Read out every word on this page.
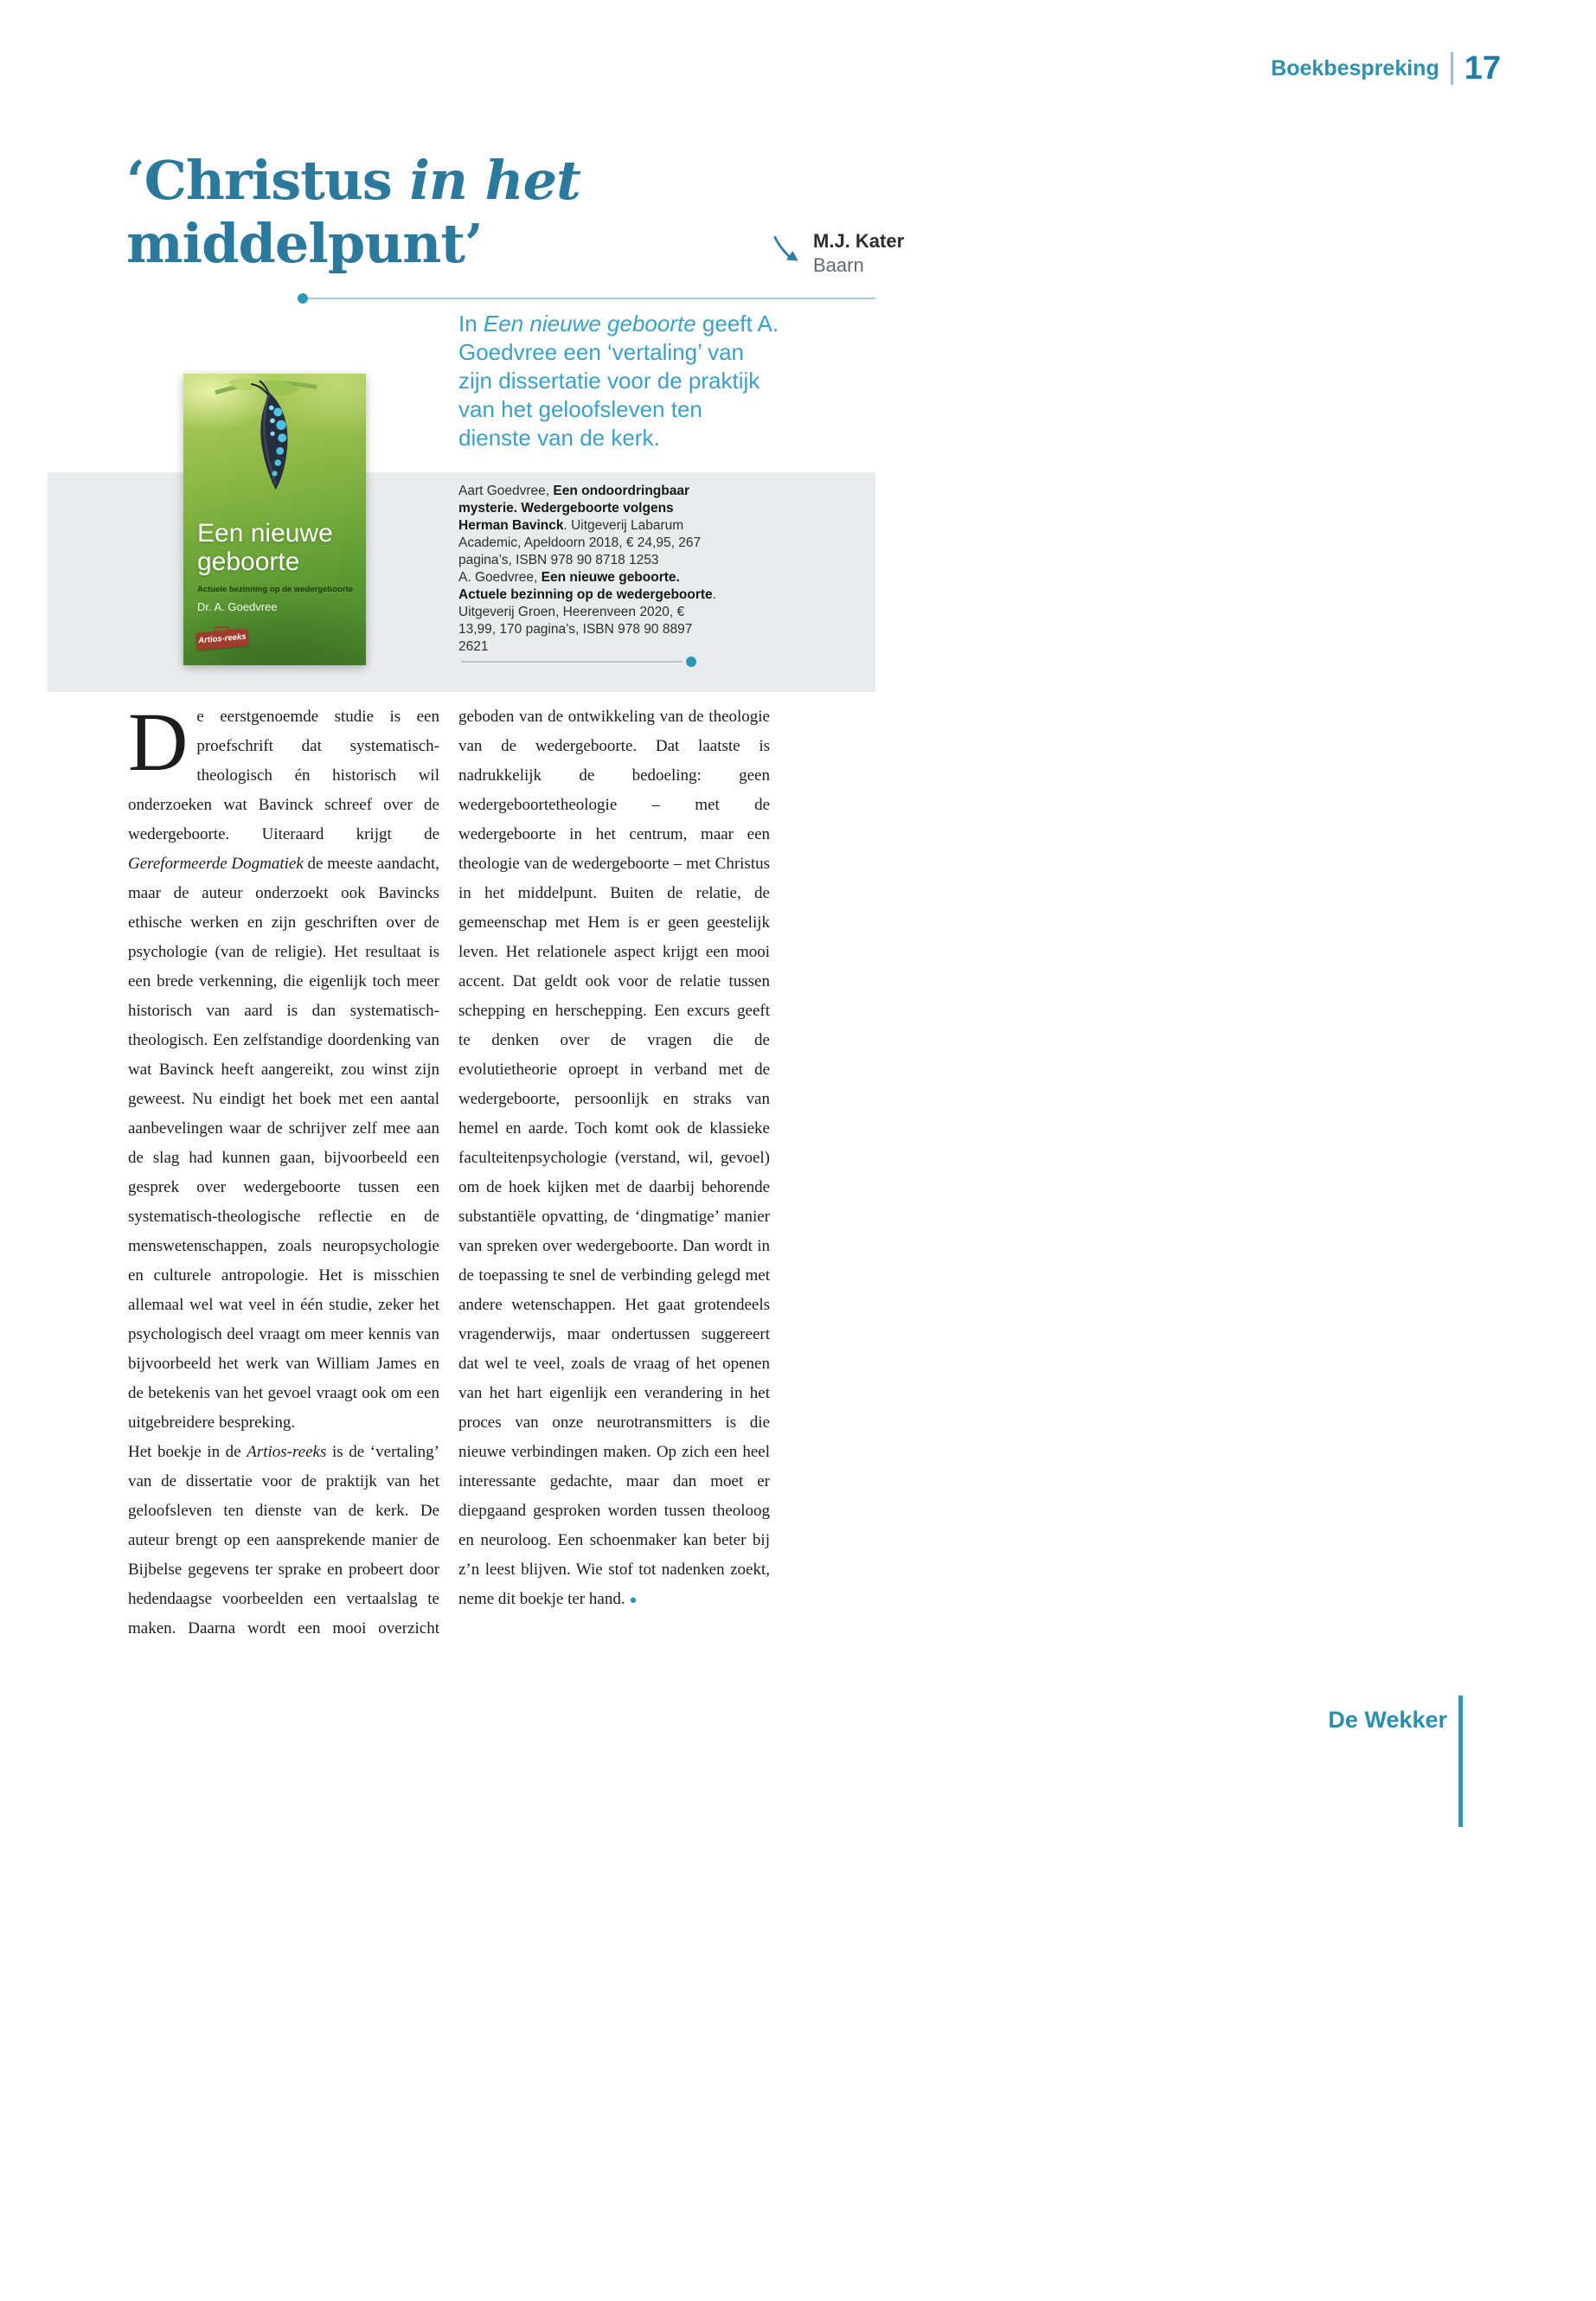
Boekbespreking 17
‘Christus in het
middelpunt’	M.J. Kater
Baarn

In Een nieuwe geboorte geeft A. Goedvree een ‘vertaling’ van zijn dissertatie voor de praktijk van het geloofsleven ten dienste van de kerk.

Een nieuwe
geboorte
Actuele bezinning op de wedergeboorte
Dr. A. Goedvree
Artios-reeks

Aart Goedvree, Een ondoordringbaar mysterie. Wedergeboorte volgens Herman Bavinck. Uitgeverij Labarum Academic, Apeldoorn 2018, € 24,95, 267 pagina’s, ISBN 978 90 8718 1253

A. Goedvree, Een nieuwe geboorte. Actuele bezinning op de wedergeboorte. Uitgeverij Groen, Heerenveen 2020, € 13,99, 170 pagina’s, ISBN 978 90 8897 2621

De eerstgenoemde studie is een proefschrift dat systematisch-theologisch én historisch wil onderzoeken wat Bavinck schreef over de wedergeboorte. Uiteraard krijgt de Gereformeerde Dogmatiek de meeste aandacht, maar de auteur onderzoekt ook Bavincks ethische werken en zijn geschriften over de psychologie (van de religie). Het resultaat is een brede verkenning, die eigenlijk toch meer historisch van aard is dan systematisch-theologisch. Een zelfstandige doordenking van wat Bavinck heeft aangereikt, zou winst zijn geweest. Nu eindigt het boek met een aantal aanbevelingen waar de schrijver zelf mee aan de slag had kunnen gaan, bijvoorbeeld een gesprek over wedergeboorte tussen een systematisch-theologische reflectie en de menswetenschappen, zoals neuropsychologie en culturele antropologie. Het is misschien allemaal wel wat veel in één studie, zeker het psychologisch deel vraagt om meer kennis van bijvoorbeeld het werk van William James en de betekenis van het gevoel vraagt ook om een uitgebreidere bespreking.

Het boekje in de Artios-reeks is de ‘vertaling’ van de dissertatie voor de praktijk van het geloofsleven ten dienste van de kerk. De auteur brengt op een aansprekende manier de Bijbelse gegevens ter sprake en probeert door hedendaagse voorbeelden een vertaalslag te maken. Daarna wordt een mooi overzicht geboden van de ontwikkeling van de theologie van de wedergeboorte. Dat laatste is nadrukkelijk de bedoeling: geen wedergeboortetheologie – met de wedergeboorte in het centrum, maar een theologie van de wedergeboorte – met Christus in het middelpunt. Buiten de relatie, de gemeenschap met Hem is er geen geestelijk leven. Het relationele aspect krijgt een mooi accent. Dat geldt ook voor de relatie tussen schepping en herschepping. Een excurs geeft te denken over de vragen die de evolutietheorie oproept in verband met de wedergeboorte, persoonlijk en straks van hemel en aarde. Toch komt ook de klassieke faculteitenpsychologie (verstand, wil, gevoel) om de hoek kijken met de daarbij behorende substantiële opvatting, de ‘dingmatige’ manier van spreken over wedergeboorte. Dan wordt in de toepassing te snel de verbinding gelegd met andere wetenschappen. Het gaat grotendeels vragenderwijs, maar ondertussen suggereert dat wel te veel, zoals de vraag of het openen van het hart eigenlijk een verandering in het proces van onze neurotransmitters is die nieuwe verbindingen maken. Op zich een heel interessante gedachte, maar dan moet er diepgaand gesproken worden tussen theoloog en neuroloog. Een schoenmaker kan beter bij z’n leest blijven. Wie stof tot nadenken zoekt, neme dit boekje ter hand. ●

De Wekker
